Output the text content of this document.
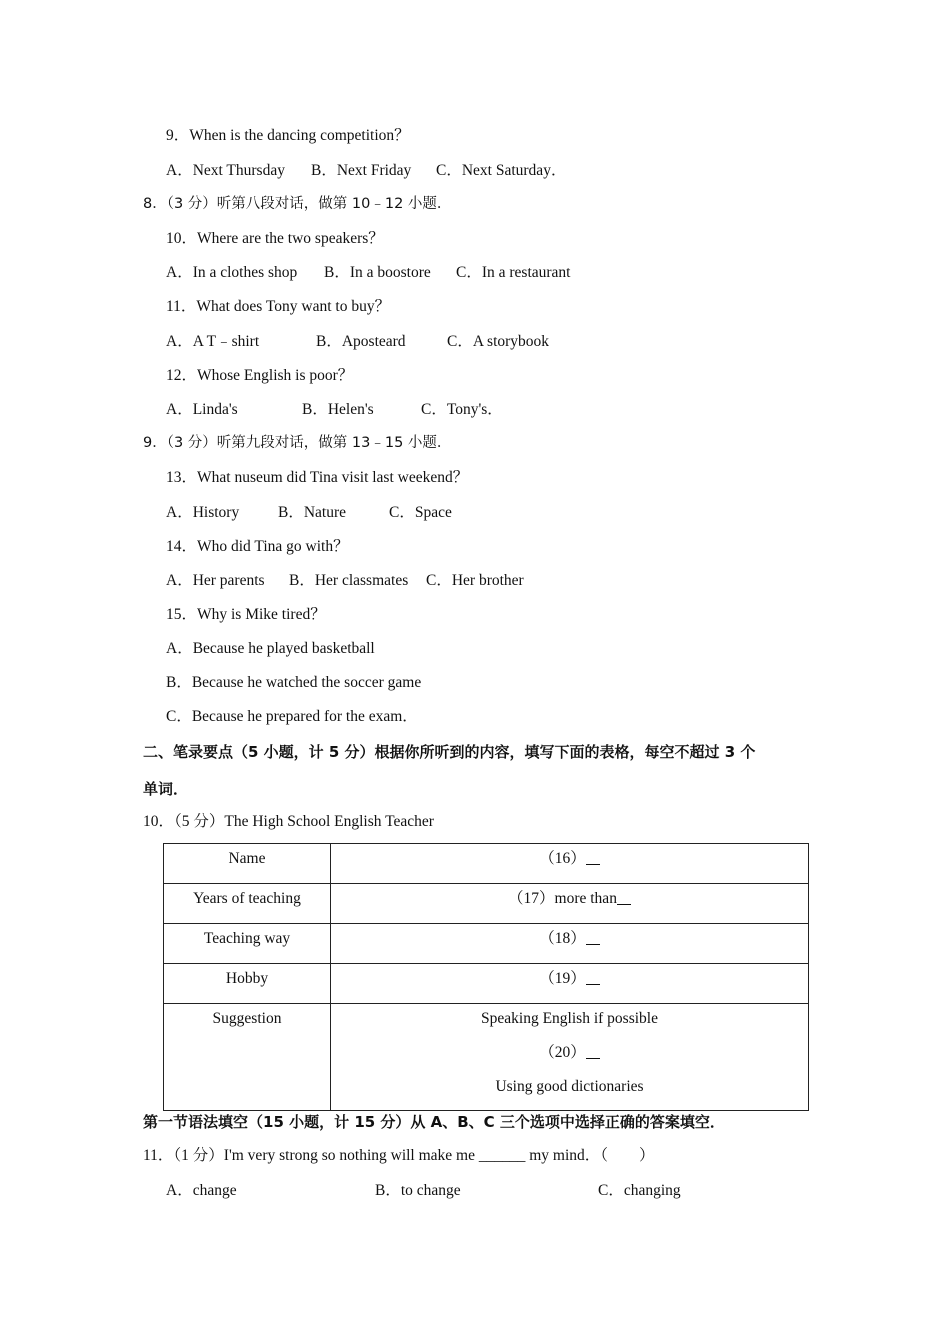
9．When is the dancing competition？
A．Next Thursday B．Next Friday C．Next Saturday．
8．（3 分）听第八段对话，做第 10﹣12 小题．
10．Where are the two speakers？
A．In a clothes shop B．In a boostore C．In a restaurant
11．What does Tony want to buy？
A．A T﹣shirt	B．Aposteard	C．A storybook
12．Whose English is poor？
A．Linda's	B．Helen's	C．Tony's．
9．（3 分）听第九段对话，做第 13﹣15 小题．
13．What nuseum did Tina visit last weekend？
A．History	B．Nature	C．Space
14．Who did Tina go with？
A．Her parents B．Her classmates C．Her brother
15．Why is Mike tired？
A．Because he played basketball
B．Because he watched the soccer game
C．Because he prepared for the exam．
二、笔录要点（5 小题，计 5 分）根据你所听到的内容，填写下面的表格，每空不超过 3 个
单词．
10．（5 分）The High School English Teacher
Name	（16）

Years of teaching	（17）more than

Teaching way	（18）

Hobby	（19）

Suggestion	Speaking English if possible
（20）
Using good dictionaries
第一节语法填空（15 小题，计 15 分）从 A、B、C 三个选项中选择正确的答案填空．
11．（1 分）I'm very strong so nothing will make me ______ my mind．（　　）
A．change	B．to change	C．changing
